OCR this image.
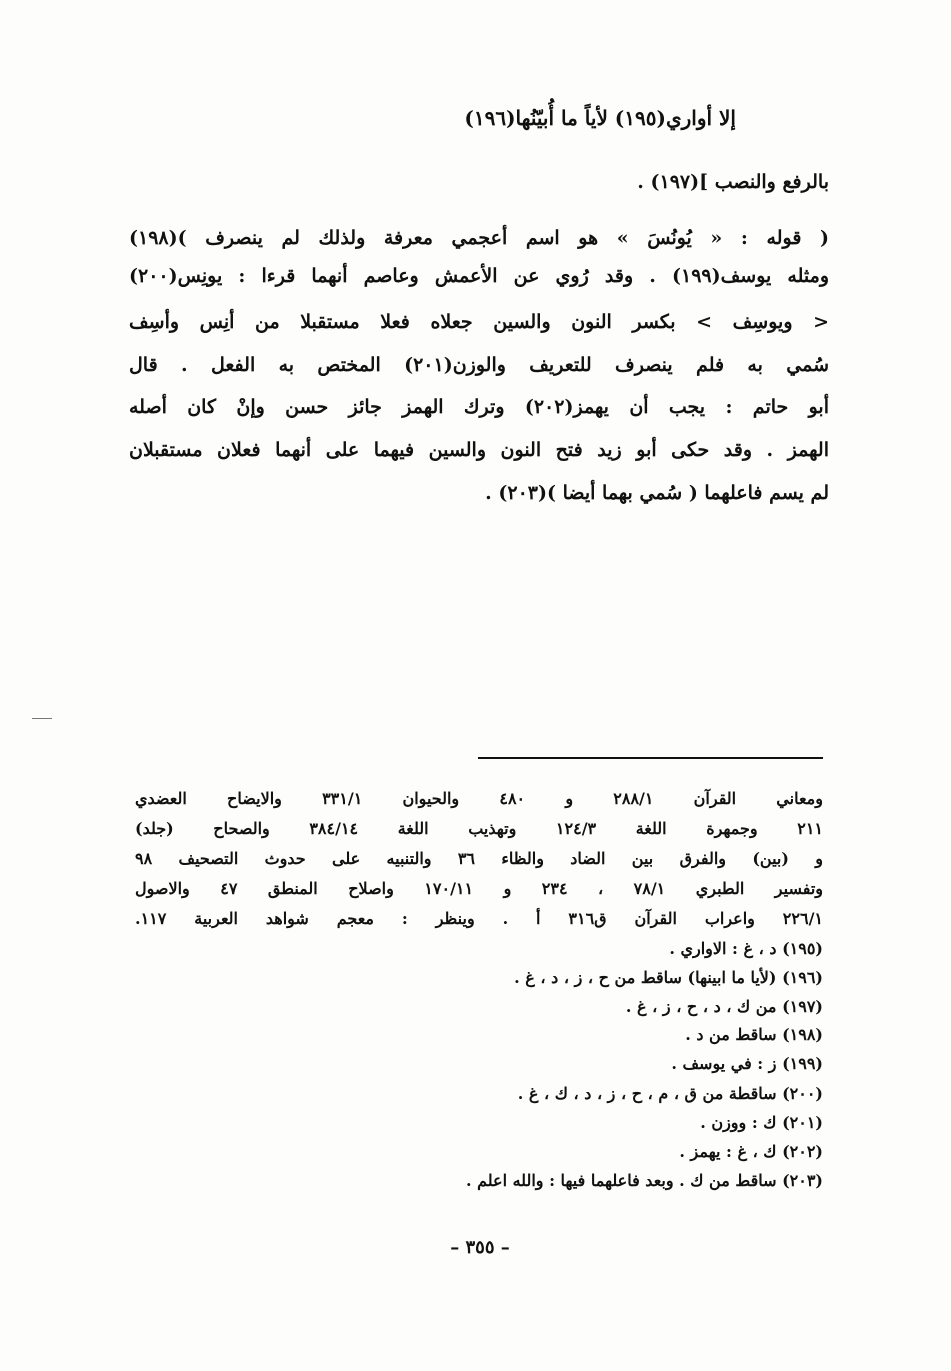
إلا أواري‏(١٩٥) لأياً ما أُبيّنُها(١٩٦)
بالرفع والنصب ](١٩٧) .
( قوله : « يُونُسَ » هو اسم أعجمي معرفة ولذلك لم ينصرف )(١٩٨)
ومثله يوسف(١٩٩) . وقد رُوي عن الأعمش وعاصم أنهما قرءا : يونِس(٢٠٠)
< ويوسِف > بكسر النون والسين جعلاه فعلا مستقبلا من أنِس وأسِف
سُمي به فلم ينصرف للتعريف والوزن(٢٠١) المختص به الفعل . قال
أبو حاتم : يجب أن يهمز(٢٠٢) وترك الهمز جائز حسن وإنْ كان أصله
الهمز . وقد حكى أبو زيد فتح النون والسين فيهما على أنهما فعلان مستقبلان
لم يسم فاعلهما ( سُمي بهما أيضا )(٢٠٣) .
ومعاني القرآن ٢٨٨/١ و ٤٨٠ والحيوان ٣٣١/١ والايضاح العضدي
٢١١ وجمهرة اللغة ١٢٤/٣ وتهذيب اللغة ٣٨٤/١٤ والصحاح (جلد)
و (بين) والفرق بين الضاد والظاء ٣٦ والتنبيه على حدوث التصحيف ٩٨
وتفسير الطبري ٧٨/١ ، ٢٣٤ و ١٧٠/١١ واصلاح المنطق ٤٧ والاصول
٢٢٦/١ واعراب القرآن ق٣١٦ أ . وينظر : معجم شواهد العربية ١١٧.
(١٩٥) د ، غ : الاواري .
(١٩٦) (لأيا ما ابينها) ساقط من ح ، ز ، د ، غ .
(١٩٧) من ك ، د ، ح ، ز ، غ .
(١٩٨) ساقط من د .
(١٩٩) ز : في يوسف .
(٢٠٠) ساقطة من ق ، م ، ح ، ز ، د ، ك ، غ .
(٢٠١) ك : ووزن .
(٢٠٢) ك ، غ : يهمز .
(٢٠٣) ساقط من ك . وبعد فاعلهما فيها : والله اعلم .
– ٣٥٥ –
